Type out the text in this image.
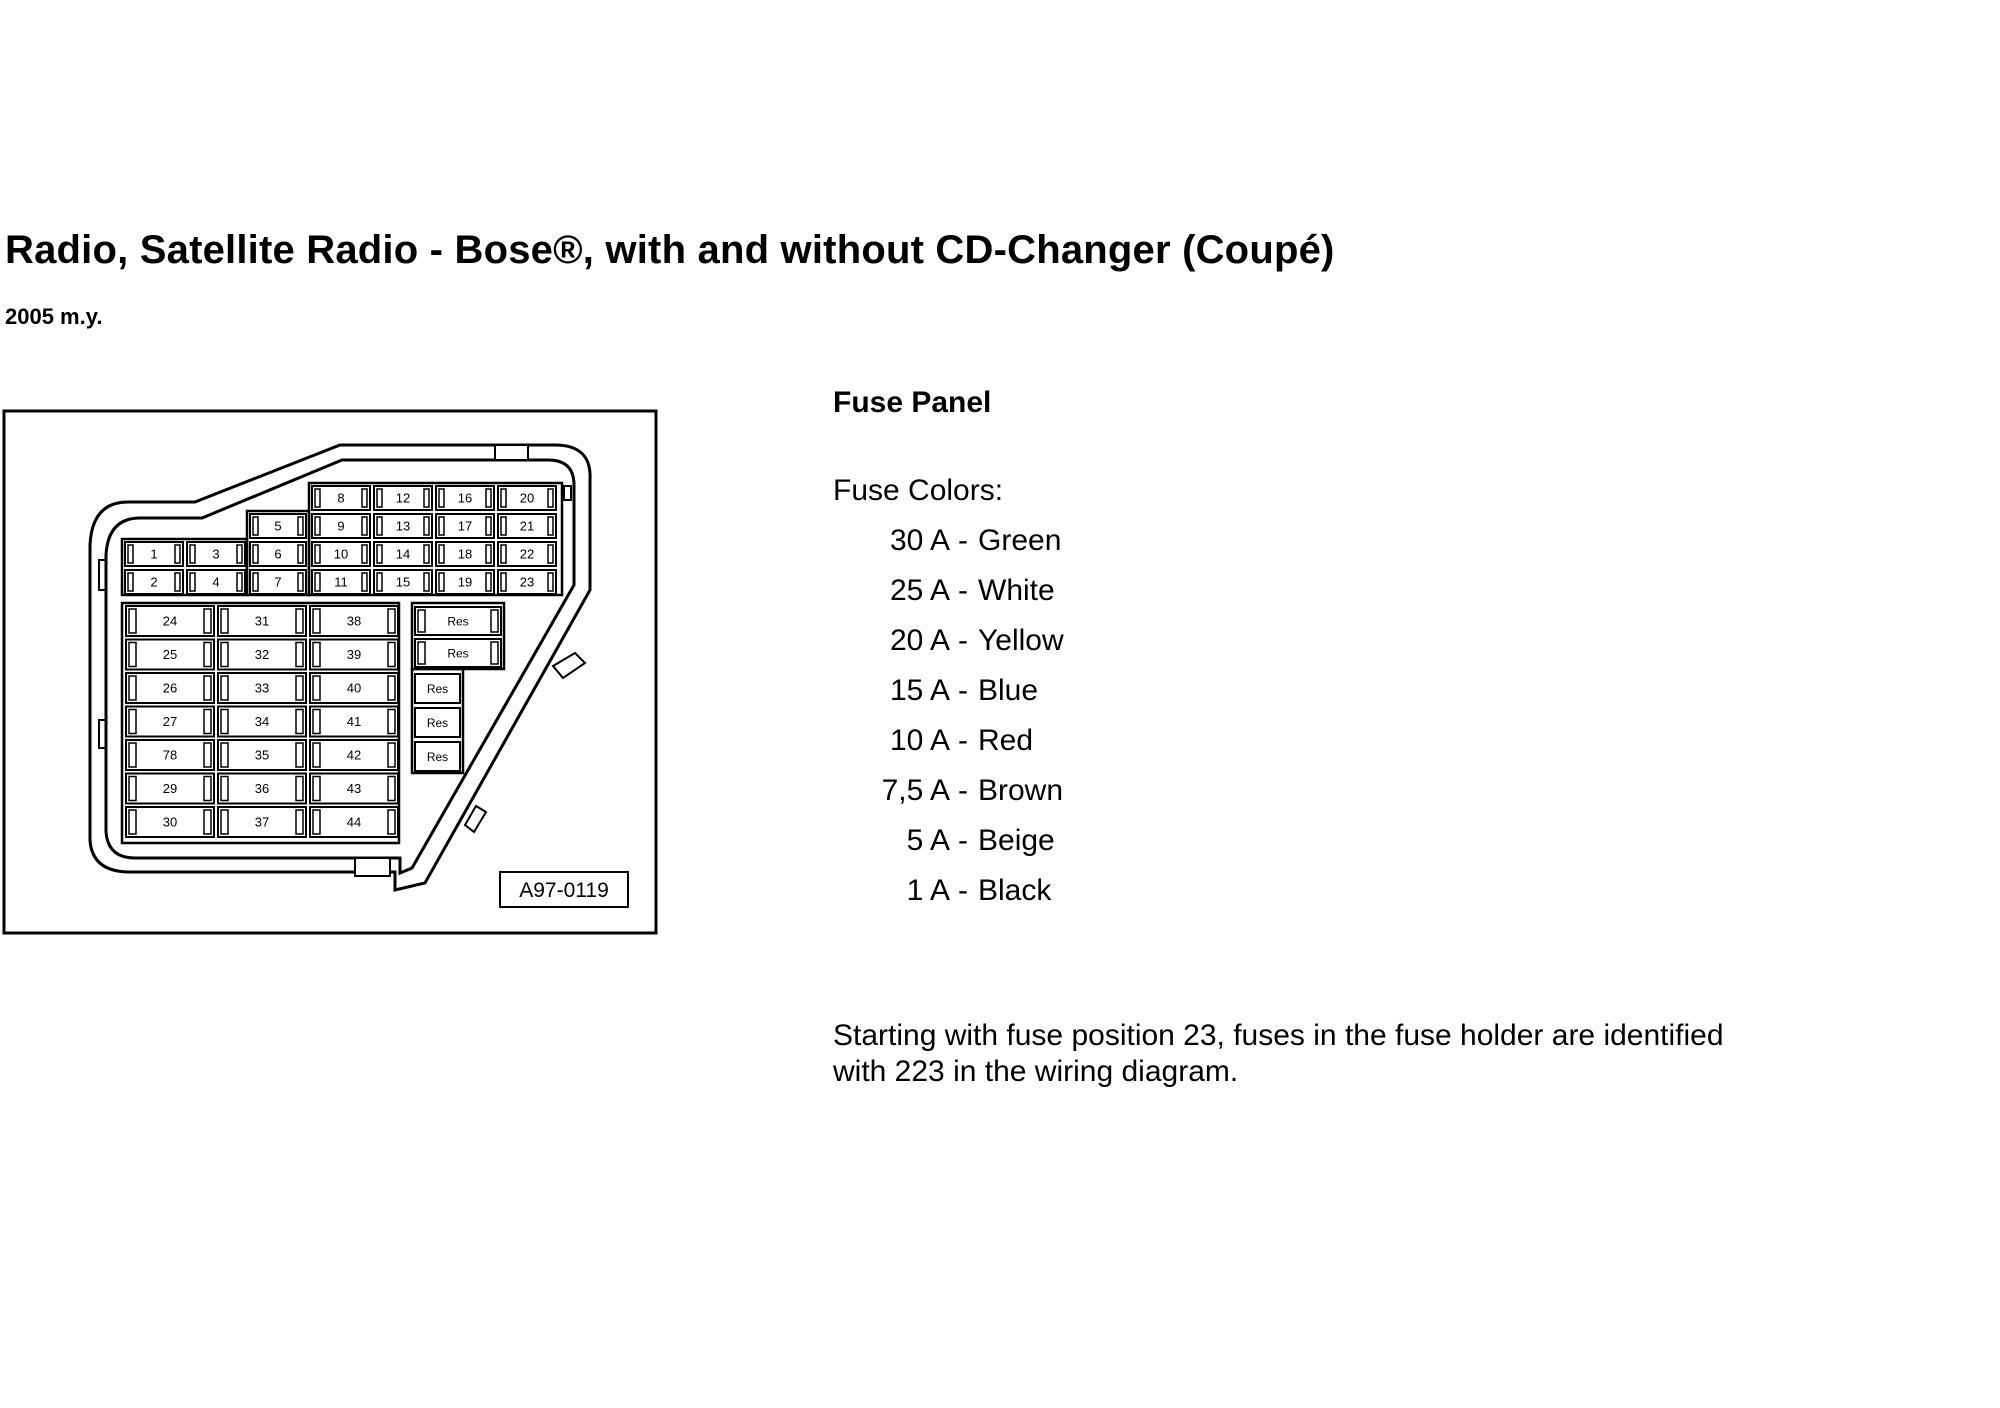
Radio, Satellite Radio - Bose®, with and without CD-Changer (Coupé)
2005 m.y.
8
9
10
11
12
13
14
15
16
17
18
19
20
21
22
23
5
6
7
1
2
3
4
24
25
26
27
78
29
30
31
32
33
34
35
36
37
38
39
40
41
42
43
44
Res
Res
Res
Res
Res
A97-0119
Fuse Panel
Fuse Colors:
30 A - Green
25 A - White
20 A - Yellow
15 A - Blue
10 A - Red
7,5 A - Brown
5 A - Beige
1 A - Black
Starting with fuse position 23, fuses in the fuse holder are identified
with 223 in the wiring diagram.
